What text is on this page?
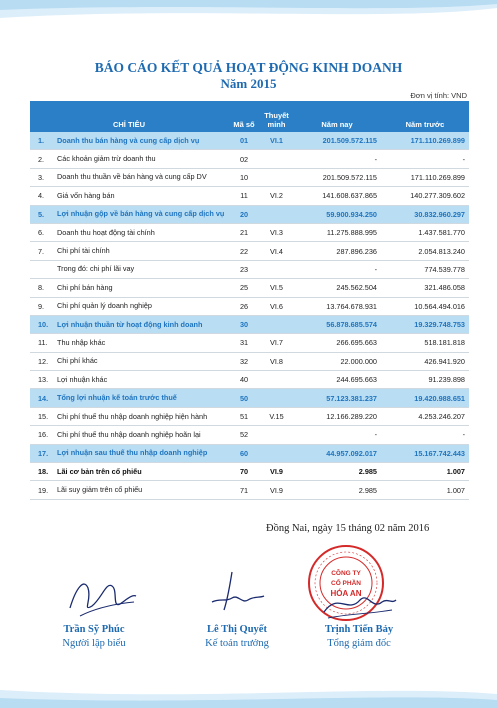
BÁO CÁO KẾT QUẢ HOẠT ĐỘNG KINH DOANH
Năm 2015
Đơn vị tính: VND
CHỈ TIÊU		Mã số	Thuyết minh	Năm nay	Năm trước
1.	Doanh thu bán hàng và cung cấp dịch vụ	01	VI.1	201.509.572.115	171.110.269.899
2.	Các khoản giảm trừ doanh thu	02		-	-
3.	Doanh thu thuần về bán hàng và cung cấp DV	10		201.509.572.115	171.110.269.899
4.	Giá vốn hàng bán	11	VI.2	141.608.637.865	140.277.309.602
5.	Lợi nhuận gộp về bán hàng và cung cấp dịch vụ	20		59.900.934.250	30.832.960.297
6.	Doanh thu hoạt động tài chính	21	VI.3	11.275.888.995	1.437.581.770
7.	Chi phí tài chính	22	VI.4	287.896.236	2.054.813.240
	Trong đó: chi phí lãi vay	23		-	774.539.778
8.	Chi phí bán hàng	25	VI.5	245.562.504	321.486.058
9.	Chi phí quản lý doanh nghiệp	26	VI.6	13.764.678.931	10.564.494.016
10.	Lợi nhuận thuần từ hoạt động kinh doanh	30		56.878.685.574	19.329.748.753
11.	Thu nhập khác	31	VI.7	266.695.663	518.181.818
12.	Chi phí khác	32	VI.8	22.000.000	426.941.920
13.	Lợi nhuận khác	40		244.695.663	91.239.898
14.	Tổng lợi nhuận kế toán trước thuế	50		57.123.381.237	19.420.988.651
15.	Chi phí thuế thu nhập doanh nghiệp hiện hành	51	V.15	12.166.289.220	4.253.246.207
16.	Chi phí thuế thu nhập doanh nghiệp hoãn lại	52		-	-
17.	Lợi nhuận sau thuế thu nhập doanh nghiệp	60		44.957.092.017	15.167.742.443
18.	Lãi cơ bản trên cổ phiếu	70	VI.9	2.985	1.007
19.	Lãi suy giảm trên cổ phiếu	71	VI.9	2.985	1.007
Đồng Nai, ngày 15 tháng 02 năm 2016
CÔNG TY
CỔ PHẦN
HÓA AN
Trần Sỹ Phúc
Người lập biểu
Lê Thị Quyết
Kế toán trưởng
Trịnh Tiến Bảy
Tổng giám đốc
